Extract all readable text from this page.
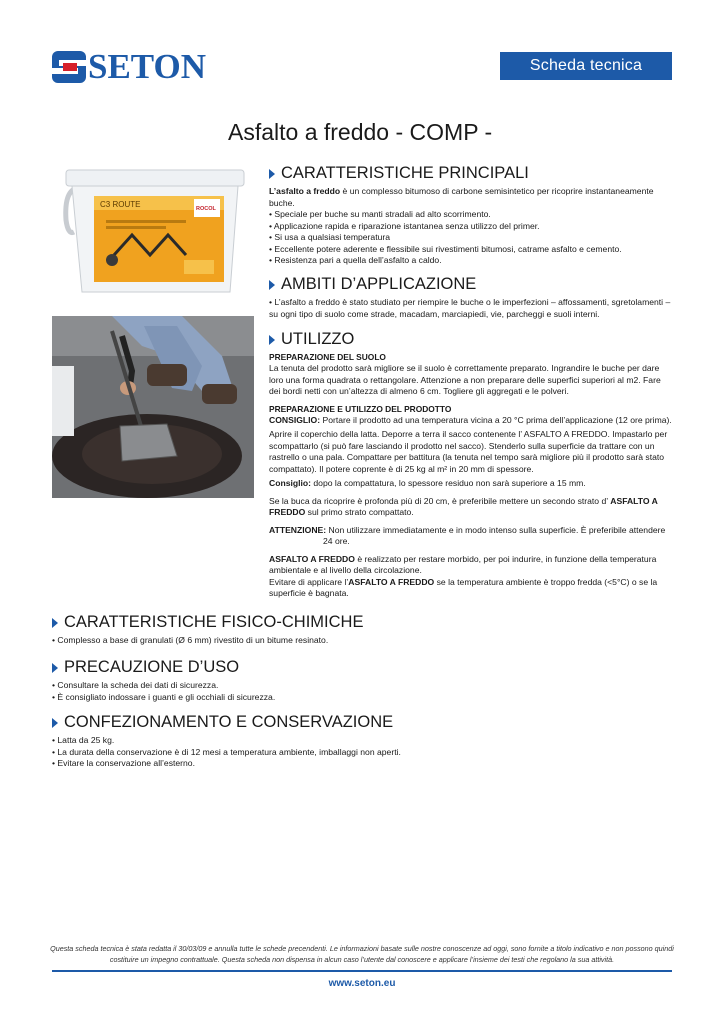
SETON	Scheda tecnica
Asfalto a freddo - COMP -
C3 ROUTE	ROCOL
CARATTERISTICHE PRINCIPALI
L’asfalto a freddo è un complesso bitumoso di carbone semisintetico per ricoprire instantaneamente buche.
• Speciale per buche su manti stradali ad alto scorrimento.
• Applicazione rapida e riparazione istantanea senza utilizzo del primer.
• Si usa a qualsiasi temperatura
• Eccellente potere aderente e flessibile sui rivestimenti bitumosi, catrame asfalto e cemento.
• Resistenza pari a quella dell’asfalto a caldo.
AMBITI D’APPLICAZIONE
• L’asfalto a freddo è stato studiato per riempire le buche o le imperfezioni – affossamenti, sgretolamenti – su ogni tipo di suolo come strade, macadam, marciapiedi, vie, parcheggi e suoli interni.
UTILIZZO
PREPARAZIONE DEL SUOLO
La tenuta del prodotto sarà migliore se il suolo è correttamente preparato. Ingrandire le buche per dare loro una forma quadrata o rettangolare. Attenzione a non preparare delle superfici superiori al m2. Fare dei bordi netti con un’altezza di almeno 6 cm. Togliere gli aggregati e le polveri.
PREPARAZIONE E UTILIZZO DEL PRODOTTO
CONSIGLIO: Portare il prodotto ad una temperatura vicina a 20 °C prima dell’applicazione (12 ore prima).
Aprire il coperchio della latta. Deporre a terra il sacco contenente l’ ASFALTO A FREDDO. Impastarlo per scompattarlo (si può fare lasciando il prodotto nel sacco). Stenderlo sulla superficie da trattare con un rastrello o una pala. Compattare per battitura (la tenuta nel tempo sarà migliore più il prodotto sarà stato compattato). Il potere coprente è di 25 kg al m² in 20 mm di spessore.
Consiglio: dopo la compattatura, lo spessore residuo non sarà superiore a 15 mm.
Se la buca da ricoprire è profonda più di 20 cm, è preferibile mettere un secondo strato d’ ASFALTO A FREDDO sul primo strato compattato.
ATTENZIONE: Non utilizzare immediatamente e in modo intenso sulla superficie. È preferibile attendere 24 ore.
ASFALTO A FREDDO è realizzato per restare morbido, per poi indurire, in funzione della temperatura ambientale e al livello della circolazione.
Evitare di applicare l’ASFALTO A FREDDO se la temperatura ambiente è troppo fredda (<5°C) o se la superficie è bagnata.
CARATTERISTICHE FISICO-CHIMICHE
• Complesso a base di granulati (Ø 6 mm) rivestito di un bitume resinato.
PRECAUZIONE D’USO
• Consultare la scheda dei dati di sicurezza.
• È consigliato indossare i guanti e gli occhiali di sicurezza.
CONFEZIONAMENTO E CONSERVAZIONE
• Latta da 25 kg.
• La durata della conservazione è di 12 mesi a temperatura ambiente, imballaggi non aperti.
• Evitare la conservazione all’esterno.
Questa scheda tecnica è stata redatta il 30/03/09 e annulla tutte le schede precendenti. Le informazioni basate sulle nostre conoscenze ad oggi, sono fornite a titolo indicativo e non possono quindi costituire un impegno contrattuale. Questa scheda non dispensa in alcun caso l’utente dal conoscere e applicare l’insieme dei testi che regolano la sua attività.
www.seton.eu
